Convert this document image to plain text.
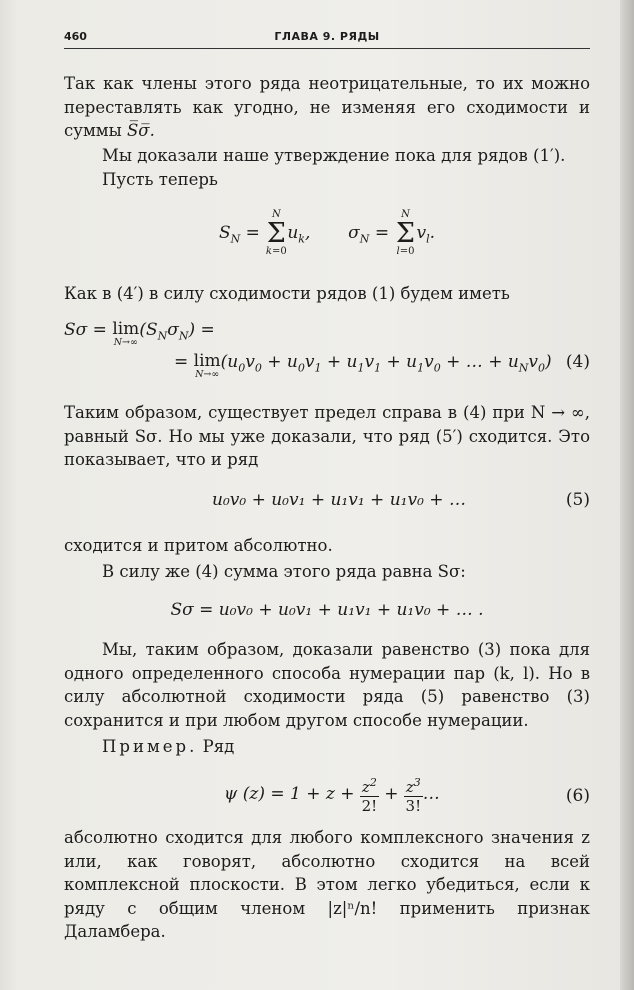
460	ГЛАВА 9. РЯДЫ
Так как члены этого ряда неотрицательные, то их можно переставлять как угодно, не изменяя его сходимости и суммы S̅σ̅.
Мы доказали наше утверждение пока для рядов (1′).
Пусть теперь
$S_N$ =
N
Σ
k=0
$u_k$,       $\sigma_N$ =
N
Σ
l=0
$v_l$.
Как в (4′) в силу сходимости рядов (1) будем иметь
Sσ = lim
N→∞
$(S_N\sigma_N)$ =
= lim
N→∞
($u_0v_0 + u_0v_1 + u_1v_1 + u_1v_0$ + … + $u_Nv_0$) (4)
Таким образом, существует предел справа в (4) при N → ∞, равный Sσ. Но мы уже доказали, что ряд (5′) сходится. Это показывает, что и ряд
u₀v₀ + u₀v₁ + u₁v₁ + u₁v₀ + …	(5)
сходится и притом абсолютно.
В силу же (4) сумма этого ряда равна Sσ:
Sσ = u₀v₀ + u₀v₁ + u₁v₁ + u₁v₀ + … .
Мы, таким образом, доказали равенство (3) пока для одного определенного способа нумерации пар (k, l). Но в силу абсолютной сходимости ряда (5) равенство (3) сохранится и при любом другом способе нумерации.
Пример. Ряд
ψ $(z) = 1 + z + \frac{z^2}{2!} + \frac{z^3}{3!}$ …	(6)
абсолютно сходится для любого комплексного значения z или, как говорят, абсолютно сходится на всей комплексной плоскости. В этом легко убедиться, если к ряду с общим членом |z|ⁿ/n! применить признак Даламбера.
